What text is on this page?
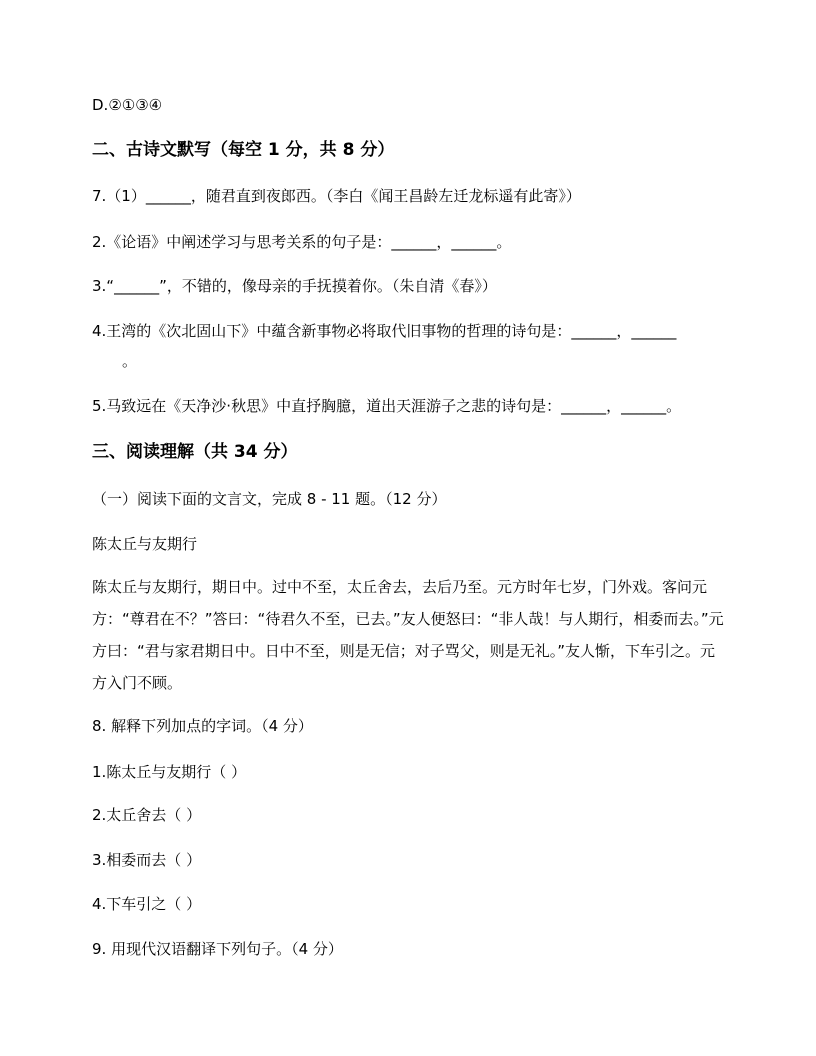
D.②①③④
二、古诗文默写（每空 1 分，共 8 分）
7.（1）______，随君直到夜郎西。（李白《闻王昌龄左迁龙标遥有此寄》）
2.《论语》中阐述学习与思考关系的句子是：______，______。
3.“______”，不错的，像母亲的手抚摸着你。（朱自清《春》）
4.王湾的《次北固山下》中蕴含新事物必将取代旧事物的哲理的诗句是：______，______
。
5.马致远在《天净沙·秋思》中直抒胸臆，道出天涯游子之悲的诗句是：______，______。
三、阅读理解（共 34 分）
（一）阅读下面的文言文，完成 8 - 11 题。（12 分）
陈太丘与友期行
陈太丘与友期行，期日中。过中不至，太丘舍去，去后乃至。元方时年七岁，门外戏。客问元方：“尊君在不？”答曰：“待君久不至，已去。”友人便怒曰：“非人哉！与人期行，相委而去。”元方曰：“君与家君期日中。日中不至，则是无信；对子骂父，则是无礼。”友人惭，下车引之。元方入门不顾。
8. 解释下列加点的字词。（4 分）
1.陈太丘与友期行（ ）
2.太丘舍去（ ）
3.相委而去（ ）
4.下车引之（ ）
9. 用现代汉语翻译下列句子。（4 分）
